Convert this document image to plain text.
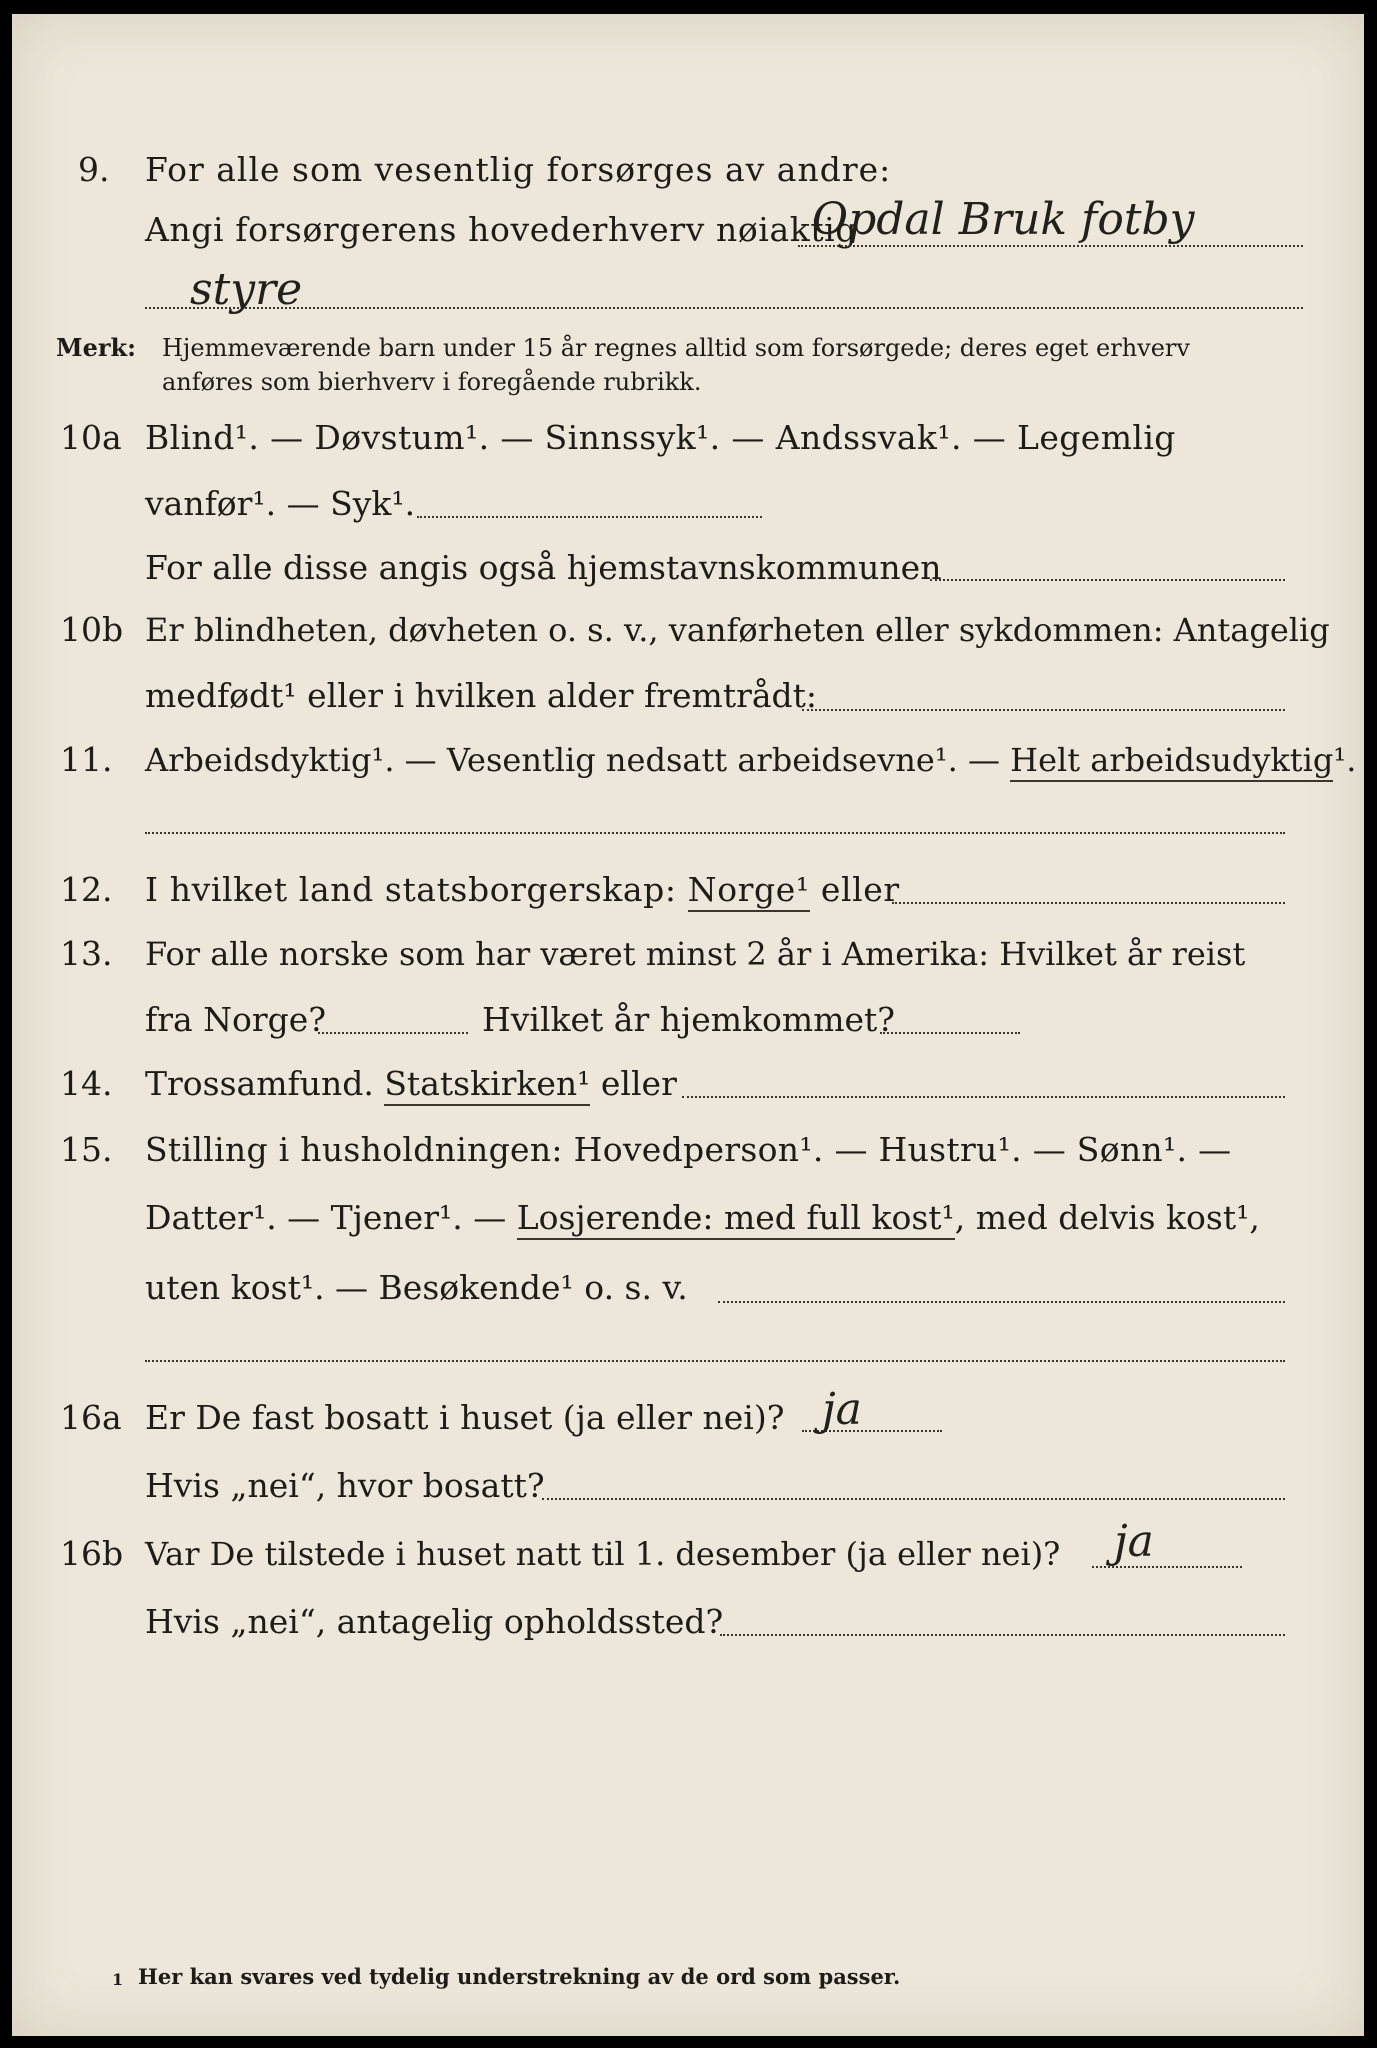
9. For alle som vesentlig forsørges av andre:
Angi forsørgerens hovederhverv nøiaktig
Opdal Bruk fotby
styre
Merk: Hjemmeværende barn under 15 år regnes alltid som forsørgede; deres eget erhverv
anføres som bierhverv i foregående rubrikk.
10a Blind¹. — Døvstum¹. — Sinnssyk¹. — Andssvak¹. — Legemlig
vanfør¹. — Syk¹.
For alle disse angis også hjemstavnskommunen
10b Er blindheten, døvheten o. s. v., vanførheten eller sykdommen: Antagelig
medfødt¹ eller i hvilken alder fremtrådt:
11. Arbeidsdyktig¹. — Vesentlig nedsatt arbeidsevne¹. — Helt arbeidsudyktig¹.
12. I hvilket land statsborgerskap: Norge¹ eller
13. For alle norske som har været minst 2 år i Amerika: Hvilket år reist
fra Norge?	Hvilket år hjemkommet?
14. Trossamfund. Statskirken¹ eller
15. Stilling i husholdningen: Hovedperson¹. — Hustru¹. — Sønn¹. —
Datter¹. — Tjener¹. — Losjerende: med full kost¹, med delvis kost¹,
uten kost¹. — Besøkende¹ o. s. v.
16a Er De fast bosatt i huset (ja eller nei)? ja
Hvis „nei“, hvor bosatt?
16b Var De tilstede i huset natt til 1. desember (ja eller nei)? ja
Hvis „nei“, antagelig opholdssted?
1 Her kan svares ved tydelig understrekning av de ord som passer.
